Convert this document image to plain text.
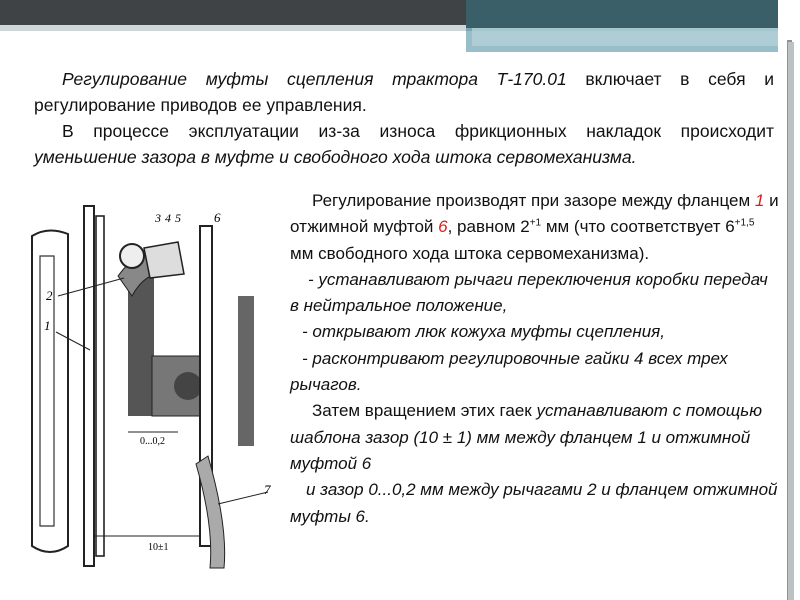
Регулирование муфты сцепления трактора Т-170.01 включает в себя и регулирование приводов ее управления.

В процессе эксплуатации из-за износа фрикционных накладок происходит уменьшение зазора в муфте и свободного хода штока сервомеханизма.

1
2
3 4 5	6
7
0...0,2
10±1

Регулирование производят при зазоре между фланцем 1 и отжимной муфтой 6, равном $2^{+1}$ мм (что соответствует $6^{+1,5}$ мм свободного хода штока сервомеханизма).

- устанавливают рычаги переключения коробки передач в нейтральное положение,

- открывают люк кожуха муфты сцепления,

- расконтривают регулировочные гайки 4 всех трех рычагов.

Затем вращением этих гаек устанавливают с помощью шаблона зазор (10 ± 1) мм между фланцем 1 и отжимной муфтой 6

и зазор 0...0,2 мм между рычагами 2 и фланцем отжимной муфты 6.
